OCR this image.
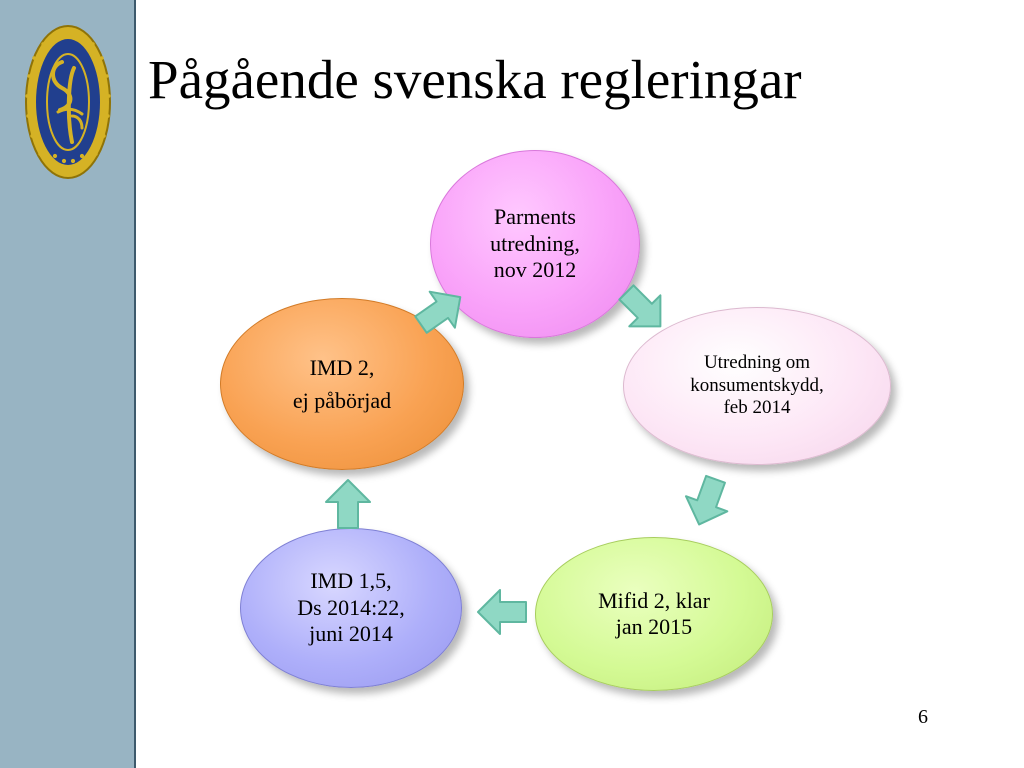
Pågående svenska regleringar
Parments
utredning,
nov 2012
Utredning om
konsumentskydd,
feb 2014
Mifid 2, klar
jan 2015
IMD 1,5,
Ds 2014:22,
juni 2014
IMD 2,
ej påbörjad
6
